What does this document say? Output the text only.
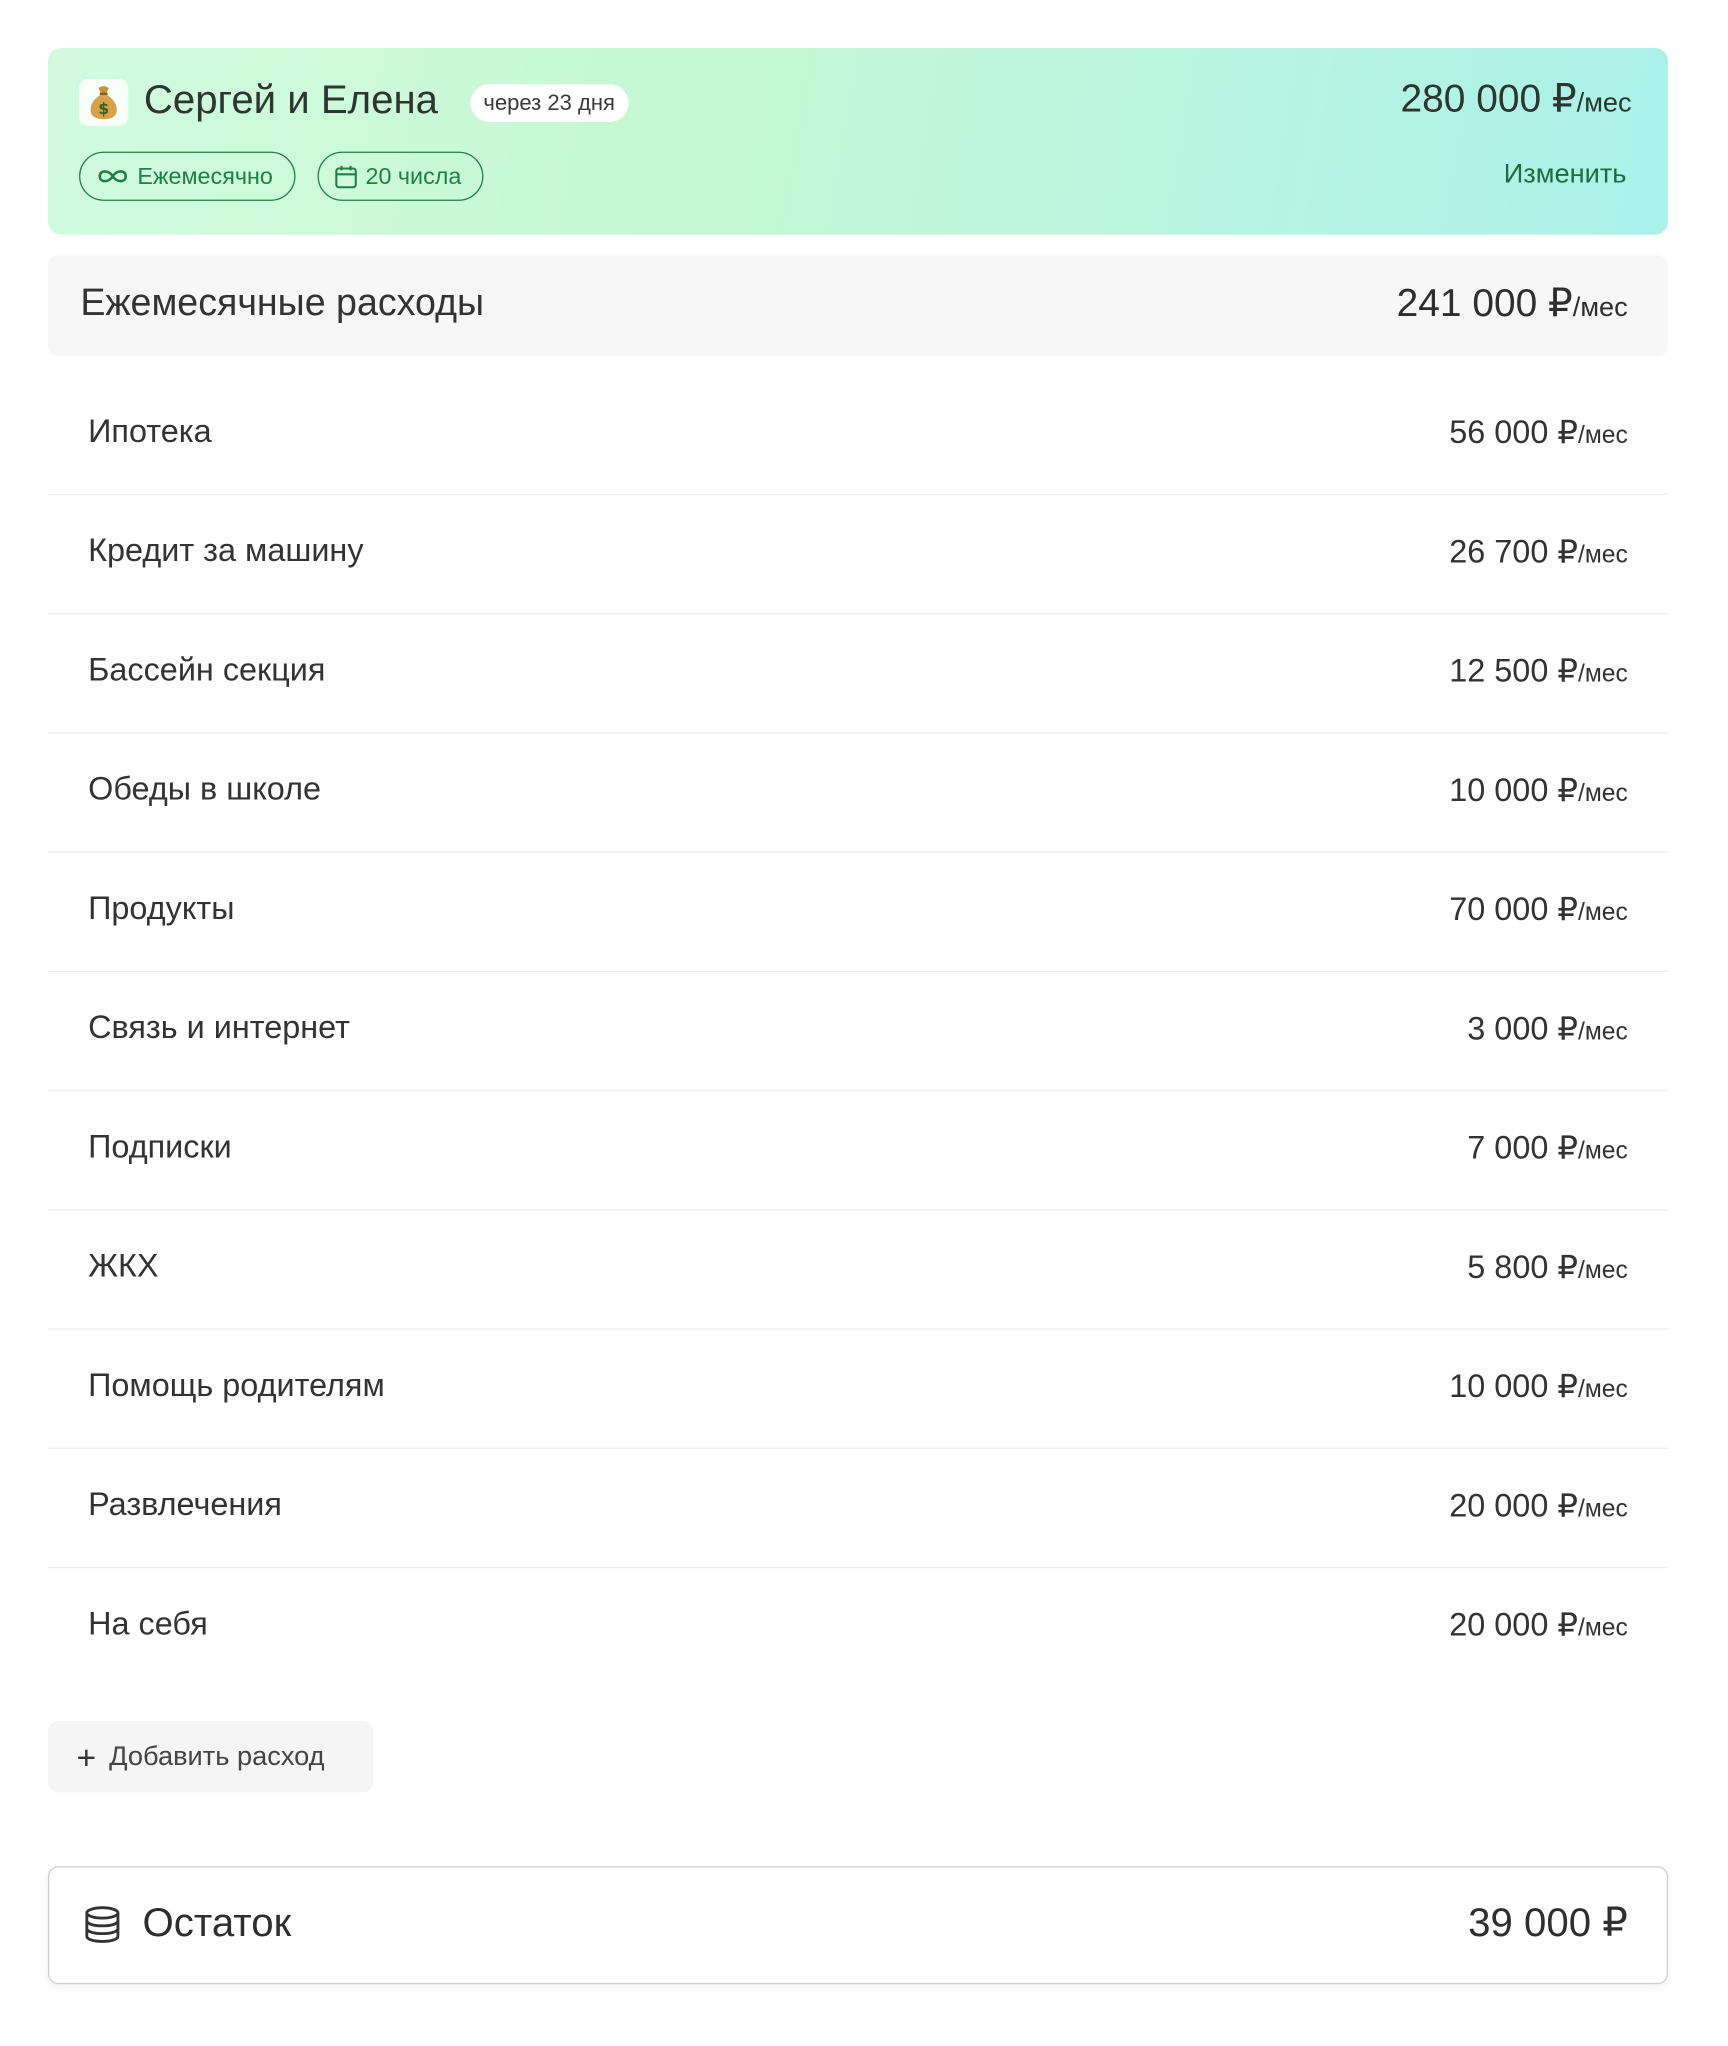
$ Сергей и Елена	через 23 дня	280 000 ₽/мес
Ежемесячно	20 числа	Изменить
Ежемесячные расходы	241 000 ₽/мес
Ипотека	56 000 ₽/мес
Кредит за машину	26 700 ₽/мес
Бассейн секция	12 500 ₽/мес
Обеды в школе	10 000 ₽/мес
Продукты	70 000 ₽/мес
Связь и интернет	3 000 ₽/мес
Подписки	7 000 ₽/мес
ЖКХ	5 800 ₽/мес
Помощь родителям	10 000 ₽/мес
Развлечения	20 000 ₽/мес
На себя	20 000 ₽/мес
+ Добавить расход
Остаток	39 000 ₽
